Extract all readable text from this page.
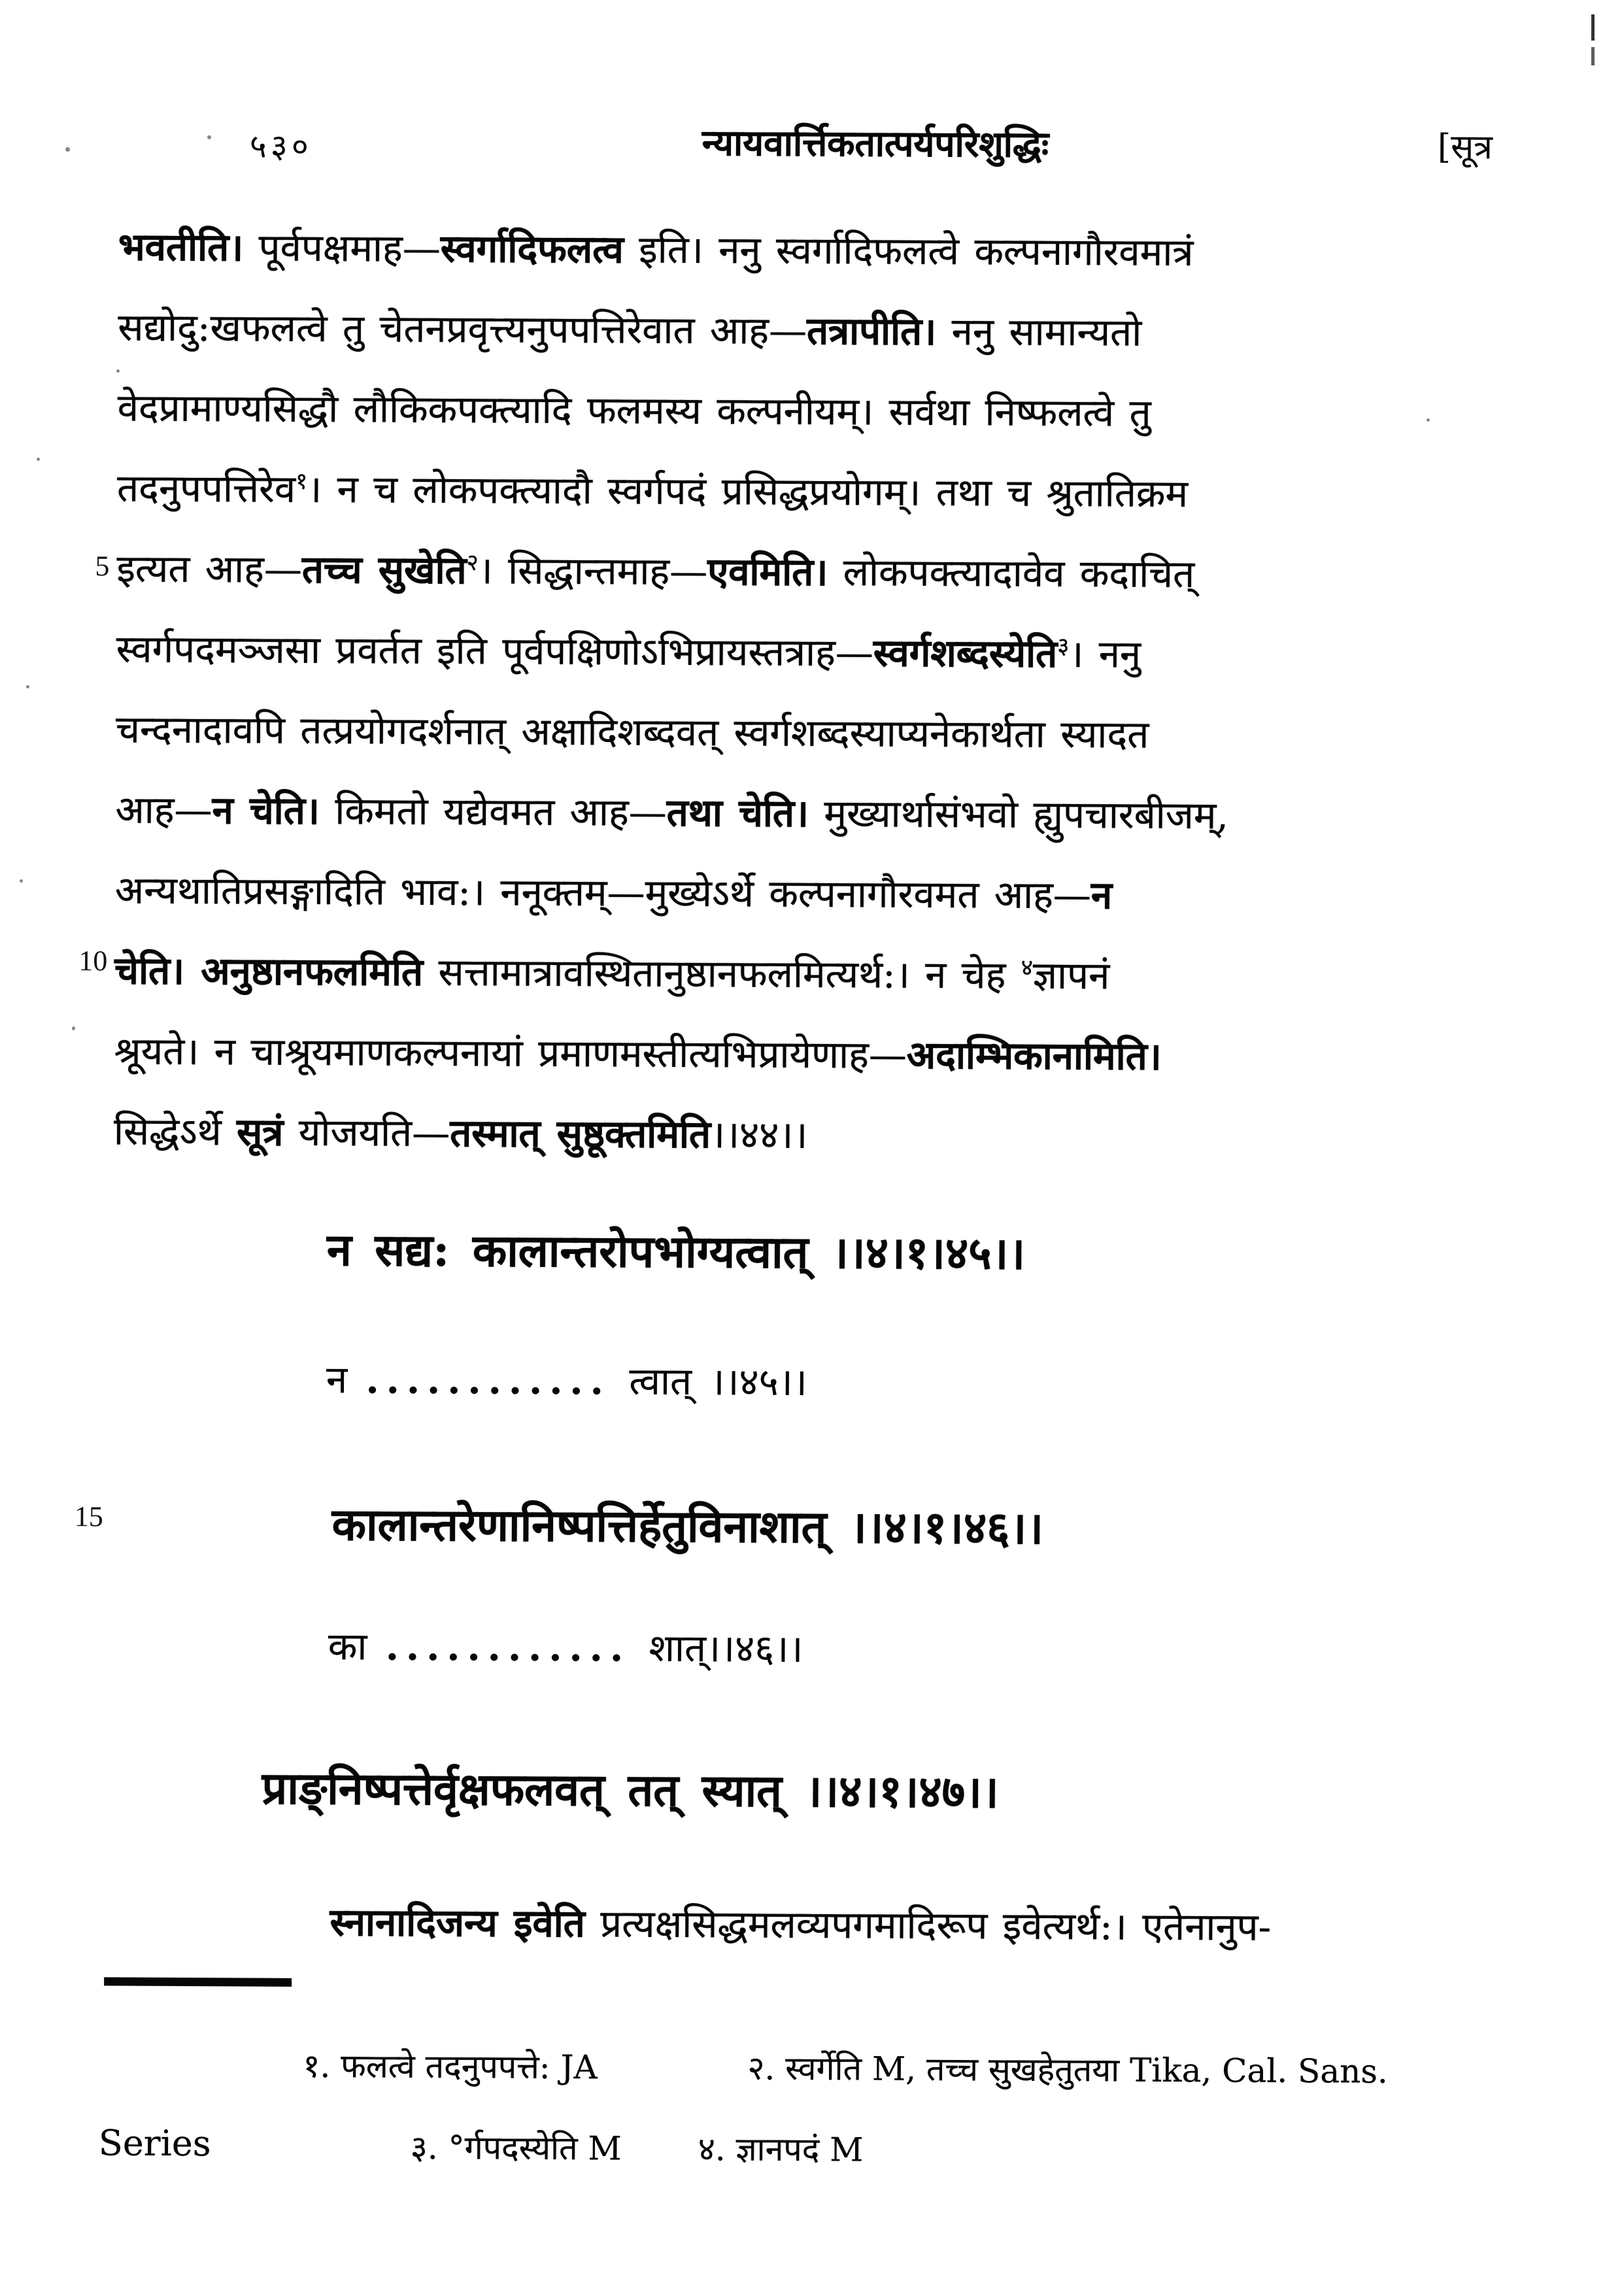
५३०	न्यायवार्त्तिकतात्पर्यपरिशुद्धिः	[सूत्र
5
10
15
भवतीति। पूर्वपक्षमाह—स्वर्गादिफलत्व इति। ननु स्वर्गादिफलत्वे कल्पनागौरवमात्रं
सद्योदु:खफलत्वे तु चेतनप्रवृत्त्यनुपपत्तिरेवात आह—तत्रापीति। ननु सामान्यतो
वेदप्रामाण्यसिद्धौ लौकिकपक्त्यादि फलमस्य कल्पनीयम्। सर्वथा निष्फलत्वे तु
तदनुपपत्तिरेव$^१$। न च लोकपक्त्यादौ स्वर्गपदं प्रसिद्धप्रयोगम्। तथा च श्रुतातिक्रम
इत्यत आह—तच्च सुखेति$^२$। सिद्धान्तमाह—एवमिति। लोकपक्त्यादावेव कदाचित्
स्वर्गपदमञ्जसा प्रवर्तत इति पूर्वपक्षिणोऽभिप्रायस्तत्राह—स्वर्गशब्दस्येति$^३$। ननु
चन्दनादावपि तत्प्रयोगदर्शनात् अक्षादिशब्दवत् स्वर्गशब्दस्याप्यनेकार्थता स्यादत
आह—न चेति। किमतो यद्येवमत आह—तथा चेति। मुख्यार्थासंभवो ह्युपचारबीजम्,
अन्यथातिप्रसङ्गादिति भाव:। ननूक्तम्—मुख्येऽर्थे कल्पनागौरवमत आह—न
चेति। अनुष्ठानफलमिति सत्तामात्रावस्थितानुष्ठानफलमित्यर्थ:। न चेह $^४$ज्ञापनं
श्रूयते। न चाश्रूयमाणकल्पनायां प्रमाणमस्तीत्यभिप्रायेणाह—अदाम्भिकानामिति।
सिद्धेऽर्थे सूत्रं योजयति—तस्मात् सुष्ठूक्तमिति।।४४।।
न सद्य: कालान्तरोपभोग्यत्वात् ।।४।१।४५।।
न ............ त्वात् ।।४५।।
कालान्तरेणानिष्पत्तिर्हेतुविनाशात् ।।४।१।४६।।
का ............ शात्।।४६।।
प्राङ्निष्पत्तेर्वृक्षफलवत् तत् स्यात् ।।४।१।४७।।
स्नानादिजन्य इवेति प्रत्यक्षसिद्धमलव्यपगमादिरूप इवेत्यर्थ:। एतेनानुप-
१. फलत्वे तदनुपपत्ते: JA	२. स्वर्गेति M, तच्च सुखहेतुतया Tika, Cal. Sans.
Series	३. °र्गपदस्येति M ४. ज्ञानपदं M
